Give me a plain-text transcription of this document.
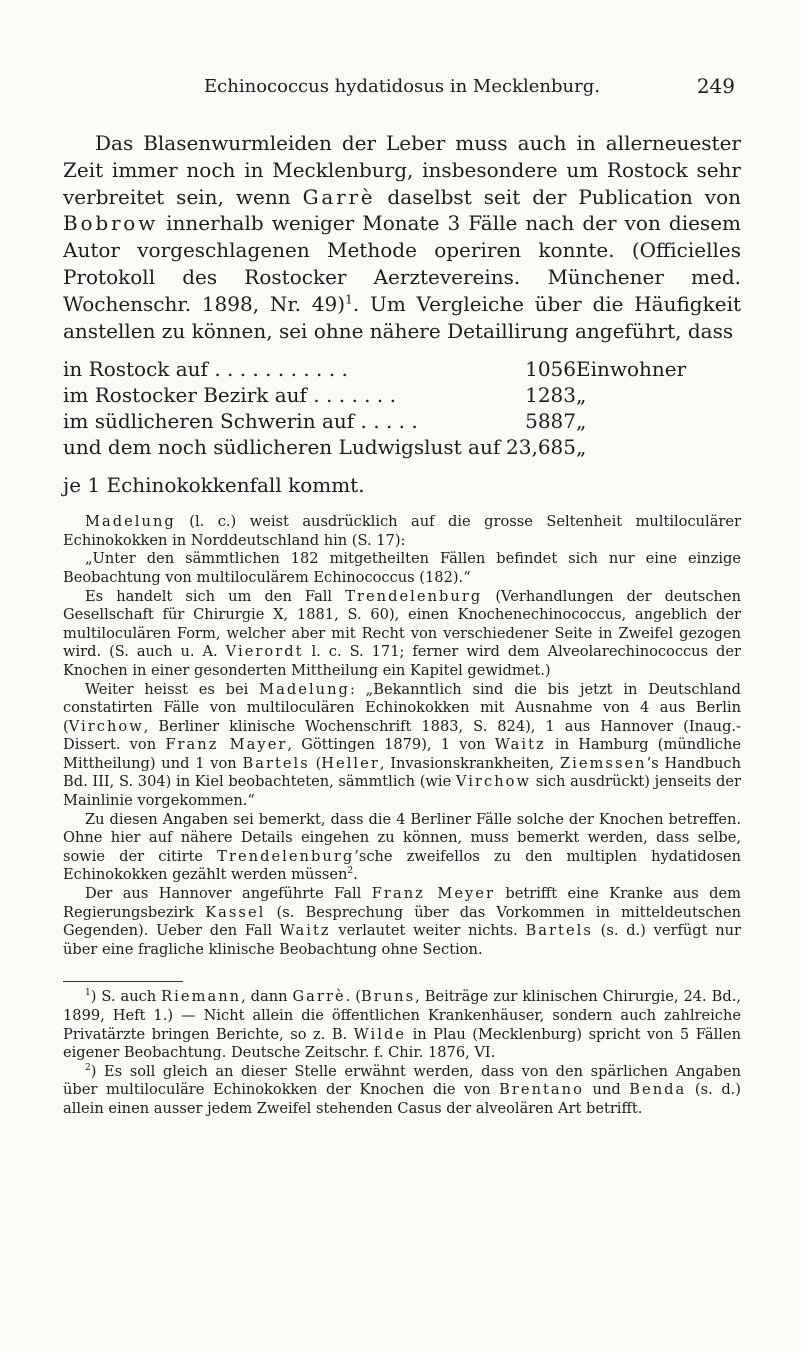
Echinococcus hydatidosus in Mecklenburg.	249

Das Blasenwurmleiden der Leber muss auch in allerneuester Zeit immer noch in Mecklenburg, insbesondere um Rostock sehr verbreitet sein, wenn Garrè daselbst seit der Publication von Bobrow innerhalb weniger Monate 3 Fälle nach der von diesem Autor vorgeschlagenen Methode operiren konnte. (Officielles Protokoll des Rostocker Aerztevereins. Münchener med. Wochenschr. 1898, Nr. 49)$^1$. Um Vergleiche über die Häufigkeit anstellen zu können, sei ohne nähere Detaillirung angeführt, dass

in Rostock auf . . . . . . . . . . .	1056	Einwohner
im Rostocker Bezirk auf . . . . . . .	1283	„
im südlicheren Schwerin auf . . . . .	5887	„
und dem noch südlicheren Ludwigslust auf	23,685	„

je 1 Echinokokkenfall kommt.

Madelung (l. c.) weist ausdrücklich auf die grosse Seltenheit multiloculärer Echinokokken in Norddeutschland hin (S. 17):

„Unter den sämmtlichen 182 mitgetheilten Fällen befindet sich nur eine einzige Beobachtung von multiloculärem Echinococcus (182).“

Es handelt sich um den Fall Trendelenburg (Verhandlungen der deutschen Gesellschaft für Chirurgie X, 1881, S. 60), einen Knochenechinococcus, angeblich der multiloculären Form, welcher aber mit Recht von verschiedener Seite in Zweifel gezogen wird. (S. auch u. A. Vierordt l. c. S. 171; ferner wird dem Alveolarechinococcus der Knochen in einer gesonderten Mittheilung ein Kapitel gewidmet.)

Weiter heisst es bei Madelung: „Bekanntlich sind die bis jetzt in Deutschland constatirten Fälle von multiloculären Echinokokken mit Ausnahme von 4 aus Berlin (Virchow, Berliner klinische Wochenschrift 1883, S. 824), 1 aus Hannover (Inaug.-Dissert. von Franz Mayer, Göttingen 1879), 1 von Waitz in Hamburg (mündliche Mittheilung) und 1 von Bartels (Heller, Invasionskrankheiten, Ziemssen’s Handbuch Bd. III, S. 304) in Kiel beobachteten, sämmtlich (wie Virchow sich ausdrückt) jenseits der Mainlinie vorgekommen.“

Zu diesen Angaben sei bemerkt, dass die 4 Berliner Fälle solche der Knochen betreffen. Ohne hier auf nähere Details eingehen zu können, muss bemerkt werden, dass selbe, sowie der citirte Trendelenburg’sche zweifellos zu den multiplen hydatidosen Echinokokken gezählt werden müssen$^2$.

Der aus Hannover angeführte Fall Franz Meyer betrifft eine Kranke aus dem Regierungsbezirk Kassel (s. Besprechung über das Vorkommen in mitteldeutschen Gegenden). Ueber den Fall Waitz verlautet weiter nichts. Bartels (s. d.) verfügt nur über eine fragliche klinische Beobachtung ohne Section.

$^1$) S. auch Riemann, dann Garrè. (Bruns, Beiträge zur klinischen Chirurgie, 24. Bd., 1899, Heft 1.) — Nicht allein die öffentlichen Krankenhäuser, sondern auch zahlreiche Privatärzte bringen Berichte, so z. B. Wilde in Plau (Mecklenburg) spricht von 5 Fällen eigener Beobachtung. Deutsche Zeitschr. f. Chir. 1876, VI.

$^2$) Es soll gleich an dieser Stelle erwähnt werden, dass von den spärlichen Angaben über multiloculäre Echinokokken der Knochen die von Brentano und Benda (s. d.) allein einen ausser jedem Zweifel stehenden Casus der alveolären Art betrifft.
